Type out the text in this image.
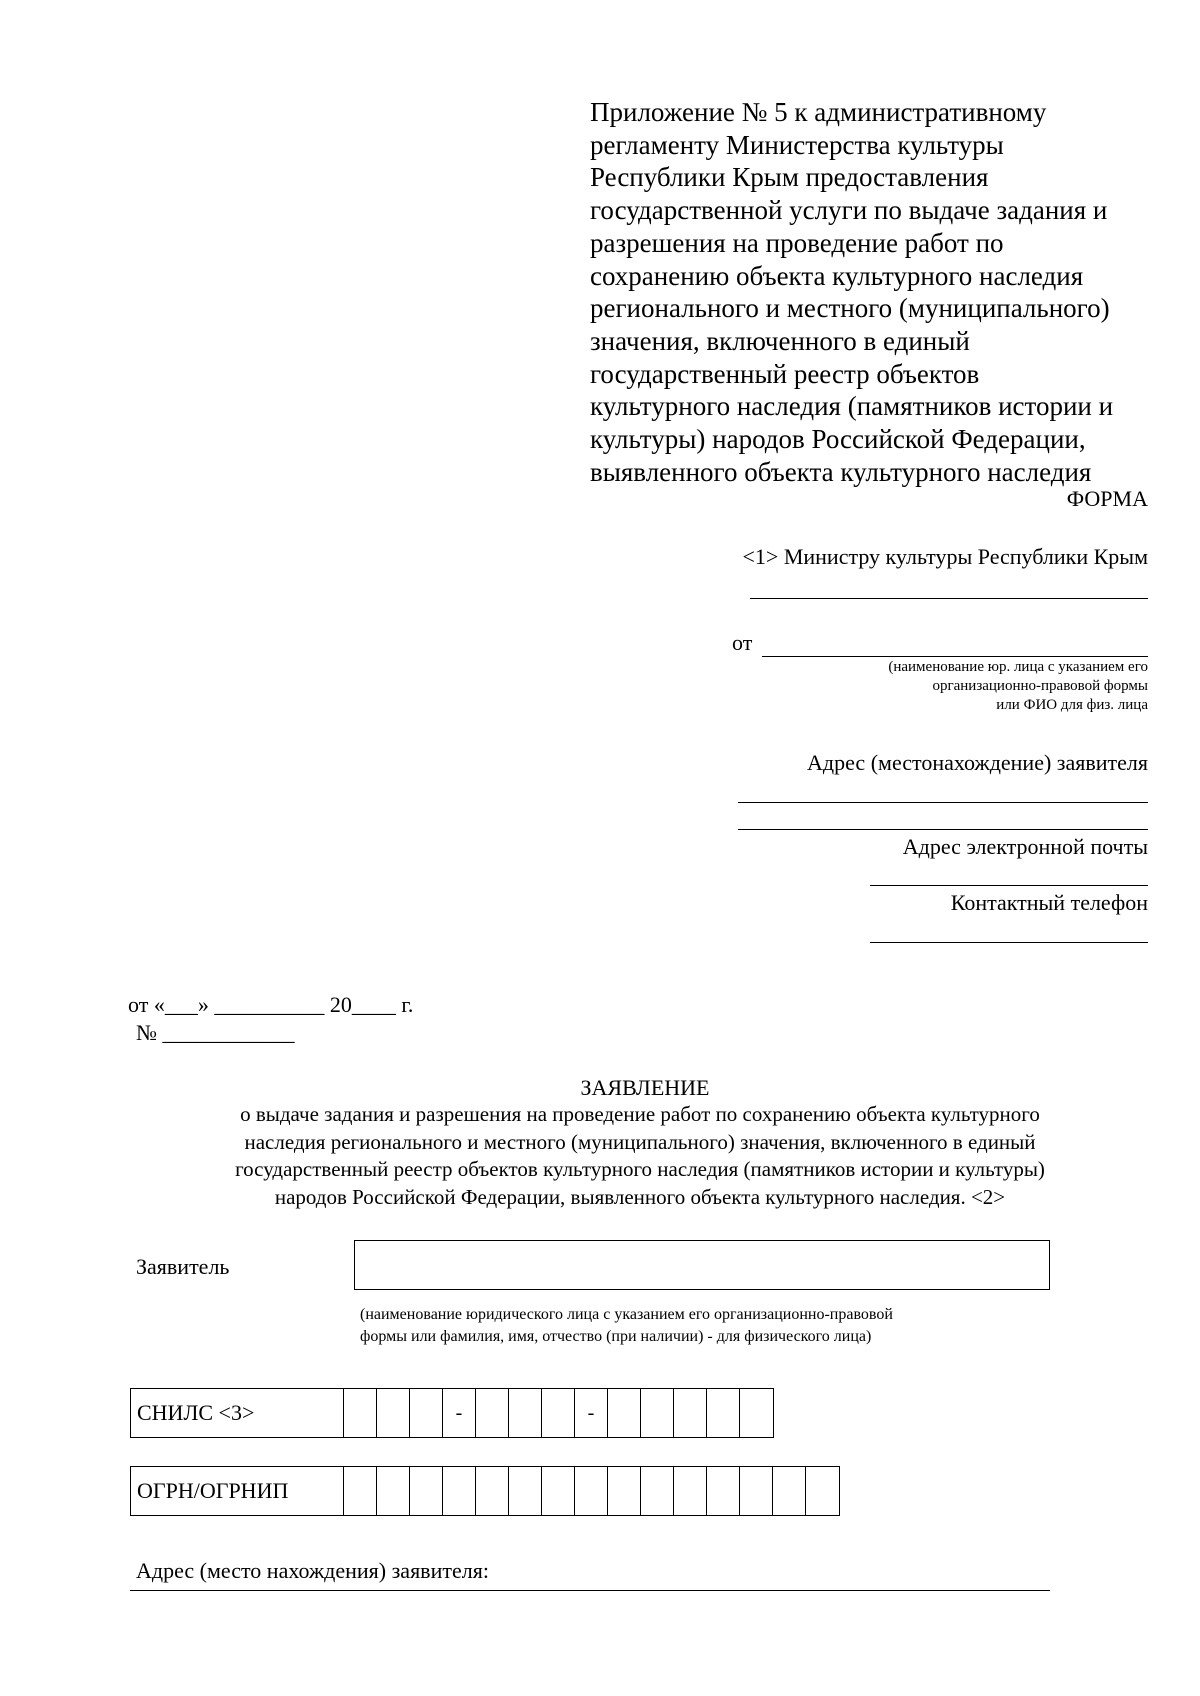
Приложение № 5 к административному
регламенту Министерства культуры
Республики Крым предоставления
государственной услуги по выдаче задания и
разрешения на проведение работ по
сохранению объекта культурного наследия
регионального и местного (муниципального)
значения, включенного в единый
государственный реестр объектов
культурного наследия (памятников истории и
культуры) народов Российской Федерации,
выявленного объекта культурного наследия
ФОРМА
<1> Министру культуры Республики Крым
от
(наименование юр. лица с указанием его
организационно-правовой формы
или ФИО для физ. лица
Адрес (местонахождение) заявителя
Адрес электронной почты
Контактный телефон
от «___» __________ 20____ г.
№ ____________
ЗАЯВЛЕНИЕ
о выдаче задания и разрешения на проведение работ по сохранению объекта культурного
наследия регионального и местного (муниципального) значения, включенного в единый
государственный реестр объектов культурного наследия (памятников истории и культуры)
народов Российской Федерации, выявленного объекта культурного наследия. <2>
Заявитель
(наименование юридического лица с указанием его организационно-правовой
формы или фамилия, имя, отчество (при наличии) - для физического лица)
СНИЛС <3>	-	-
ОГРН/ОГРНИП
Адрес (место нахождения) заявителя:
